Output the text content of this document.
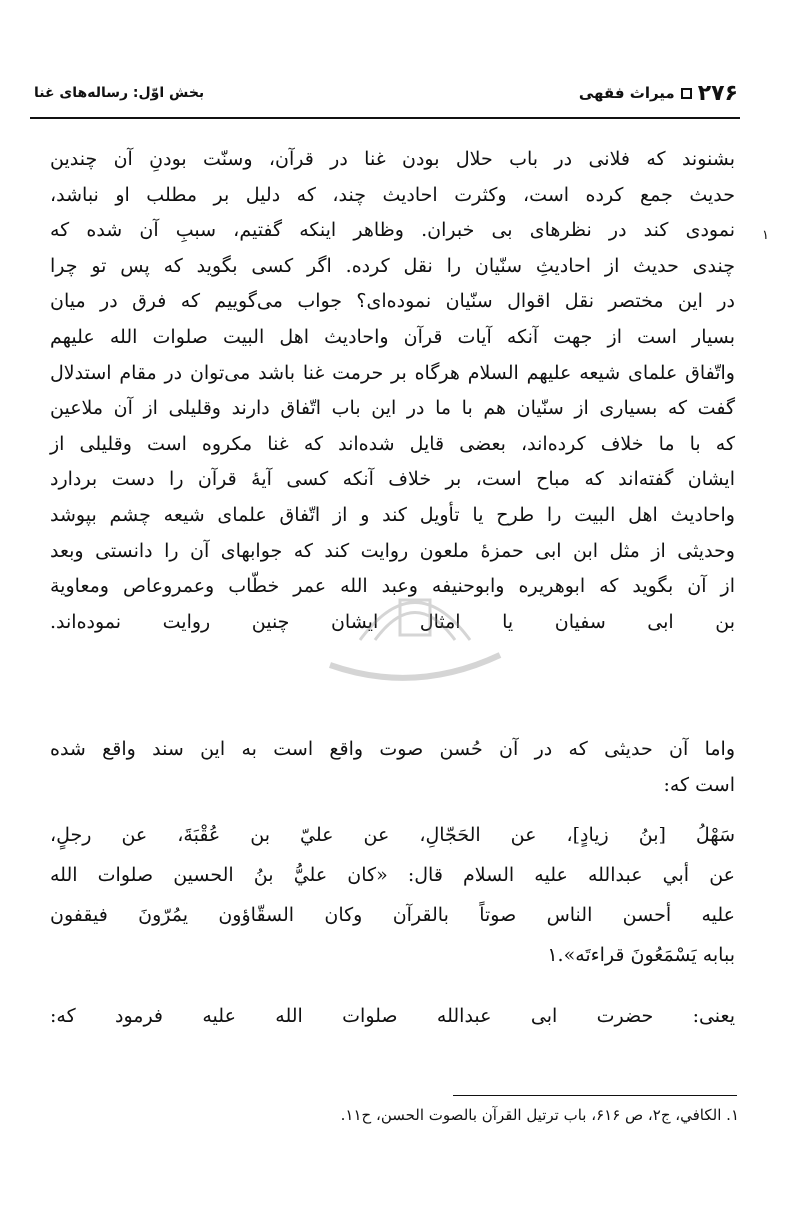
بخش اوّل: رساله‌های غنا	میراث فقهی ۲۷۶
۱
بشنوند که فلانی در باب حلال بودن غنا در قرآن، وسنّت بودنِ آن چندین
حدیث جمع کرده است، وکثرت احادیث چند، که دلیل بر مطلب او نباشد،
نمودی کند در نظرهای بی خبران. وظاهر اینکه گفتیم، سببِ آن شده که
چندی حدیث از احادیثِ سنّیان را نقل کرده. اگر کسی بگوید که پس تو چرا
در این مختصر نقل اقوال سنّیان نموده‌ای؟ جواب می‌گوییم که فرق در میان
بسیار است از جهت آنکه آیات قرآن واحادیث اهل البیت صلوات الله علیهم
واتّفاق علمای شیعه علیهم السلام هرگاه بر حرمت غنا باشد می‌توان در مقام استدلال
گفت که بسیاری از سنّیان هم با ما در این باب اتّفاق دارند وقلیلی از آن ملاعین
که با ما خلاف کرده‌اند، بعضی قایل شده‌اند که غنا مکروه است وقلیلی از
ایشان گفته‌اند که مباح است، بر خلاف آنکه کسی آیهٔ قرآن را دست بردارد
واحادیث اهل البیت را طرح یا تأویل کند و از اتّفاق علمای شیعه چشم بپوشد
وحدیثی از مثل ابن ابی حمزهٔ ملعون روایت کند که جوابهای آن را دانستی وبعد
از آن بگوید که ابوهریره وابوحنیفه وعبد الله عمر خطّاب وعمروعاص ومعاویة
بن ابی سفیان یا امثال ایشان چنین روایت نموده‌اند.
واما آن حدیثی که در آن حُسن صوت واقع است به این سند واقع شده
است که:
سَهْلُ [بنُ زيادٍ]، عن الحَجّالِ، عن عليّ بن عُقْبَةَ، عن رجلٍ،
عن أبي عبدالله عليه السلام قال: «كان عليُّ بنُ الحسين صلوات الله
عليه أحسن الناس صوتاً بالقرآن وكان السقّاؤون يمُرّونَ فيقفون
ببابه يَسْمَعُونَ قراءتَه».۱
یعنی: حضرت ابی عبدالله صلوات الله علیه فرمود که:
۱. الکافي، ج۲، ص ۶۱۶، باب ترتیل القرآن بالصوت الحسن، ح۱۱.
